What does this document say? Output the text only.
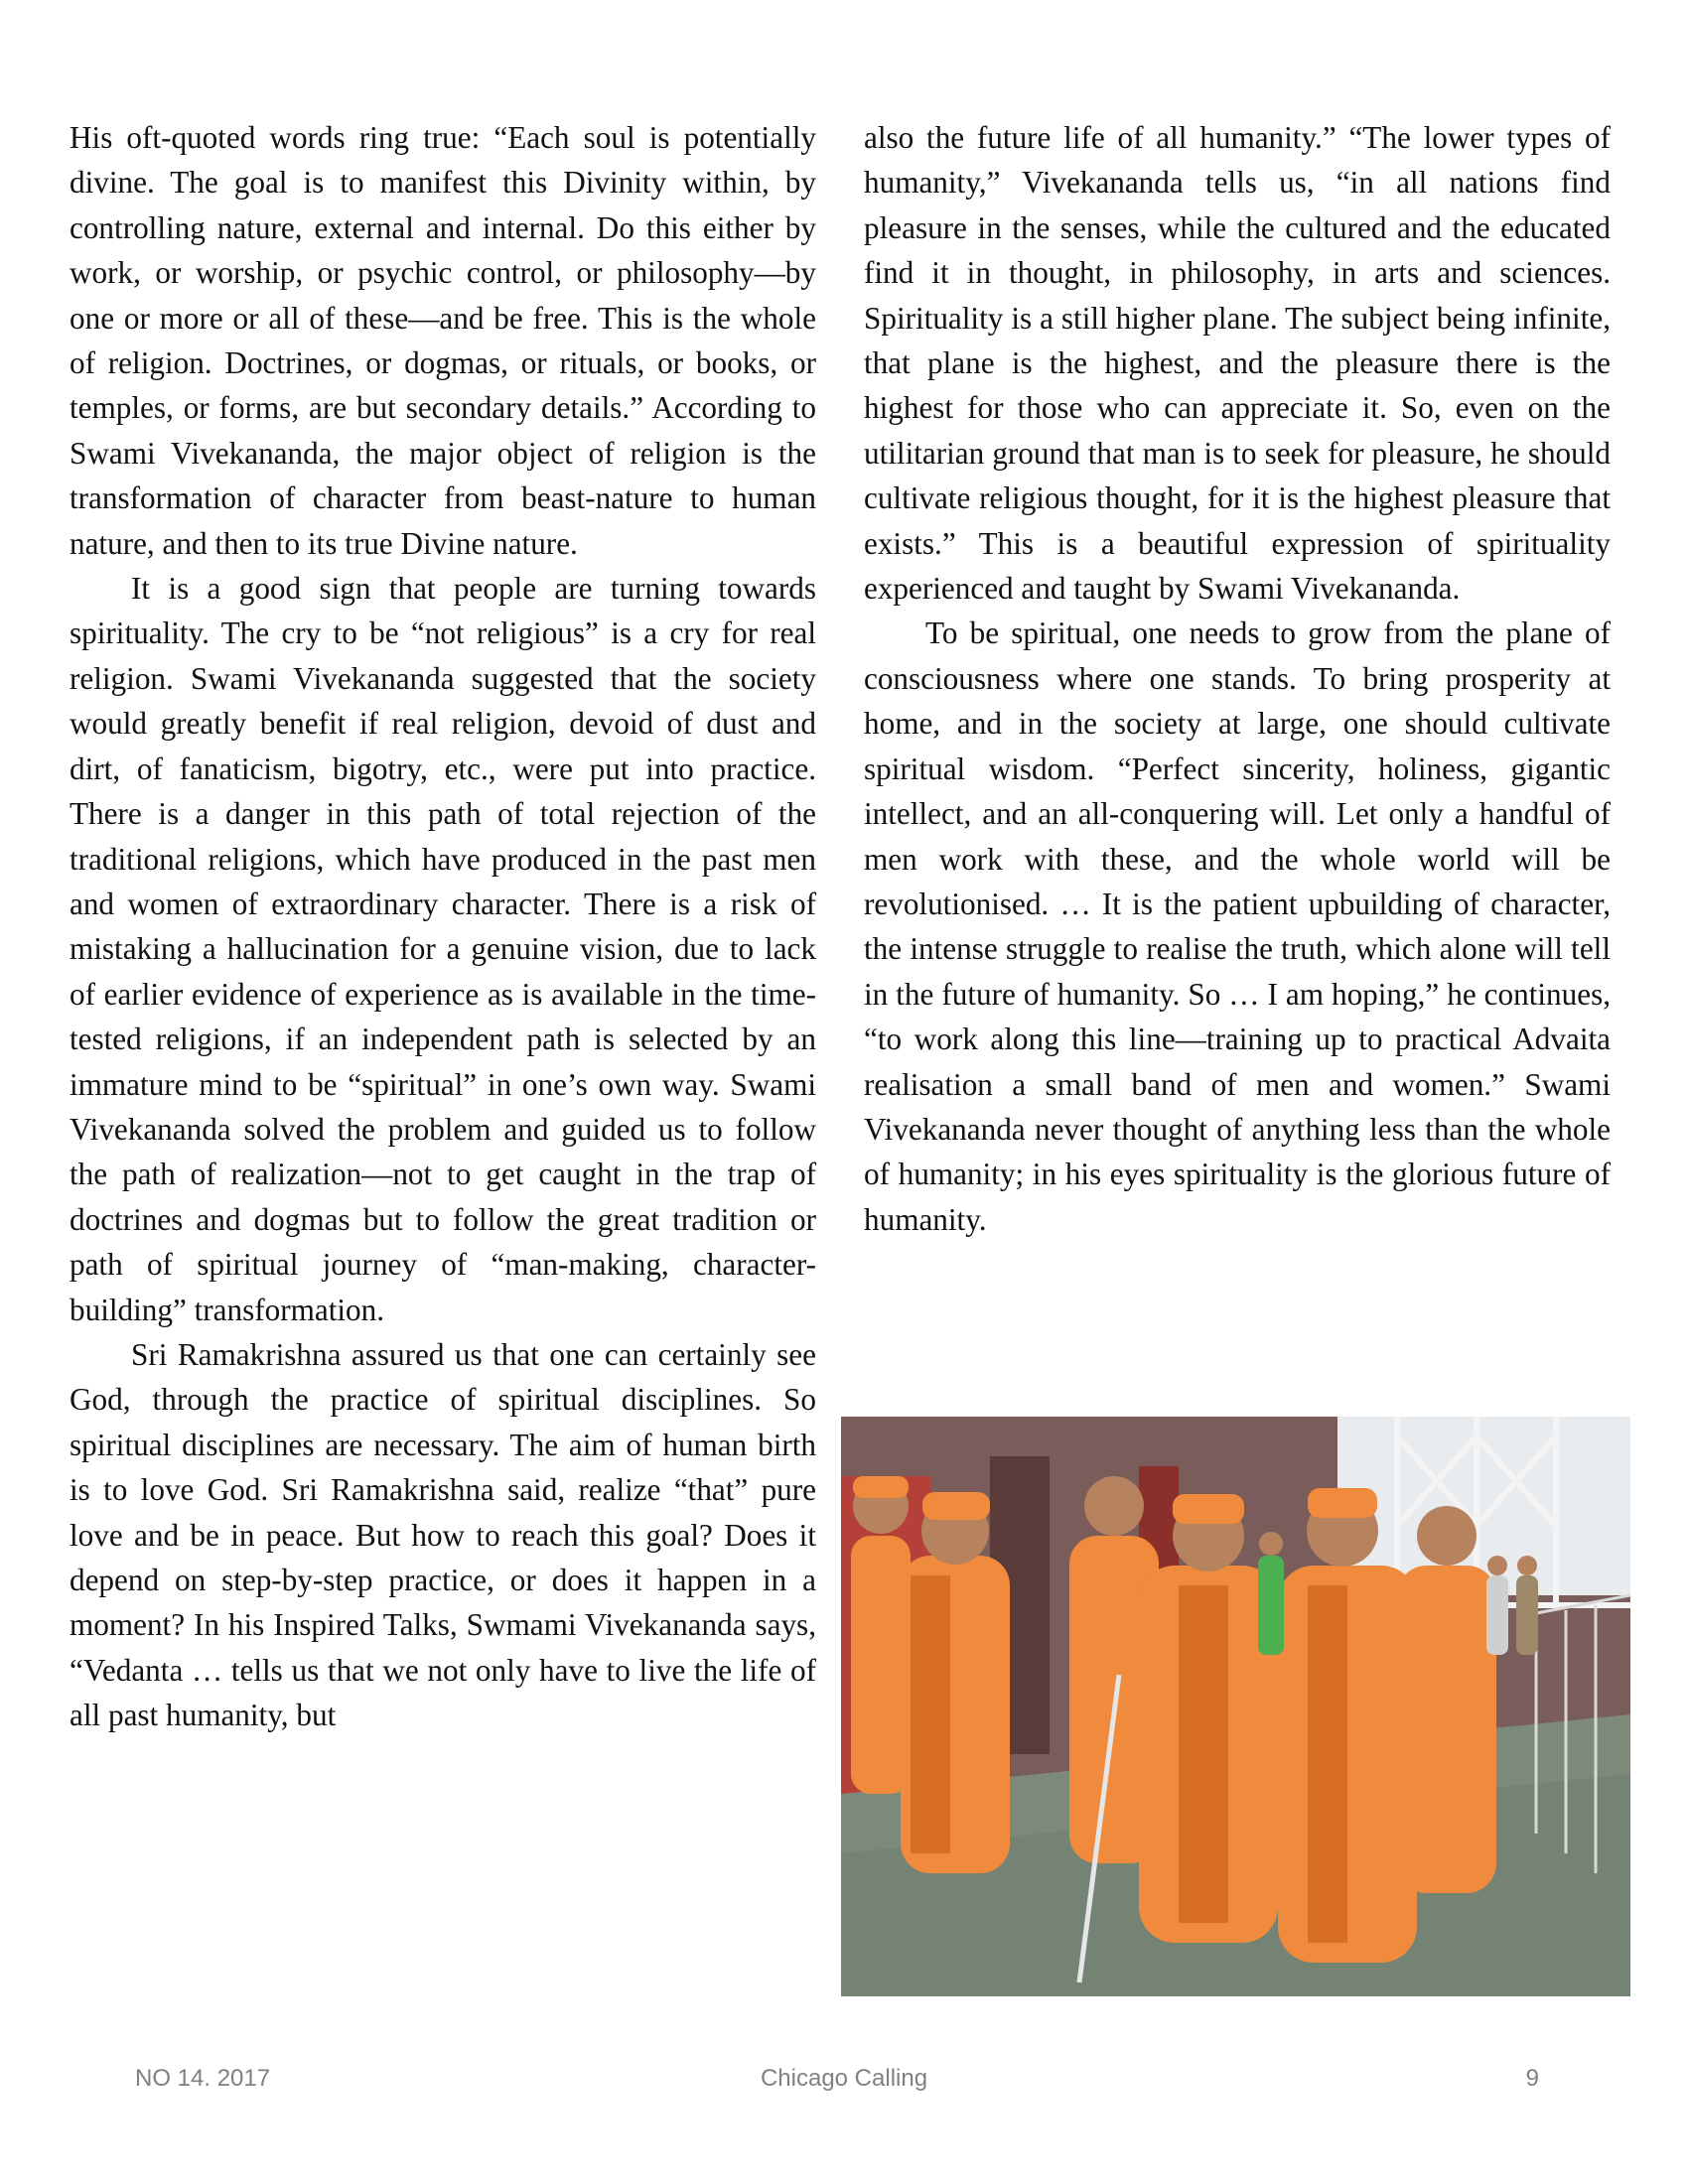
His oft-quoted words ring true: “Each soul is potentially divine. The goal is to manifest this Divinity within, by controlling nature, external and internal. Do this either by work, or worship, or psychic control, or philosophy—by one or more or all of these—and be free. This is the whole of religion. Doctrines, or dogmas, or rituals, or books, or temples, or forms, are but secondary details.” According to Swami Vivekananda, the major object of religion is the transformation of character from beast-nature to human nature, and then to its true Divine nature.

It is a good sign that people are turning towards spirituality. The cry to be “not religious” is a cry for real religion. Swami Vivekananda suggested that the society would greatly benefit if real religion, devoid of dust and dirt, of fanaticism, bigotry, etc., were put into practice. There is a danger in this path of total rejection of the traditional religions, which have produced in the past men and women of extraordinary character. There is a risk of mistaking a hallucination for a genuine vision, due to lack of earlier evidence of experience as is available in the time-tested religions, if an independent path is selected by an immature mind to be “spiritual” in one’s own way. Swami Vivekananda solved the problem and guided us to follow the path of realization—not to get caught in the trap of doctrines and dogmas but to follow the great tradition or path of spiritual journey of “man-making, character-building” transformation.

Sri Ramakrishna assured us that one can certainly see God, through the practice of spiritual disciplines. So spiritual disciplines are necessary. The aim of human birth is to love God. Sri Ramakrishna said, realize “that” pure love and be in peace. But how to reach this goal? Does it depend on step-by-step practice, or does it happen in a moment? In his Inspired Talks, Swmami Vivekananda says, “Vedanta … tells us that we not only have to live the life of all past humanity, but

also the future life of all humanity.” “The lower types of humanity,” Vivekananda tells us, “in all nations find pleasure in the senses, while the cultured and the educated find it in thought, in philosophy, in arts and sciences. Spirituality is a still higher plane. The subject being infinite, that plane is the highest, and the pleasure there is the highest for those who can appreciate it. So, even on the utilitarian ground that man is to seek for pleasure, he should cultivate religious thought, for it is the highest pleasure that exists.” This is a beautiful expression of spirituality experienced and taught by Swami Vivekananda.

To be spiritual, one needs to grow from the plane of consciousness where one stands. To bring prosperity at home, and in the society at large, one should cultivate spiritual wisdom. “Perfect sincerity, holiness, gigantic intellect, and an all-conquering will. Let only a handful of men work with these, and the whole world will be revolutionised. … It is the patient upbuilding of character, the intense struggle to realise the truth, which alone will tell in the future of humanity. So … I am hoping,” he continues, “to work along this line—training up to practical Advaita realisation a small band of men and women.” Swami Vivekananda never thought of anything less than the whole of humanity; in his eyes spirituality is the glorious future of humanity.

NO 14. 2017	Chicago Calling	9
